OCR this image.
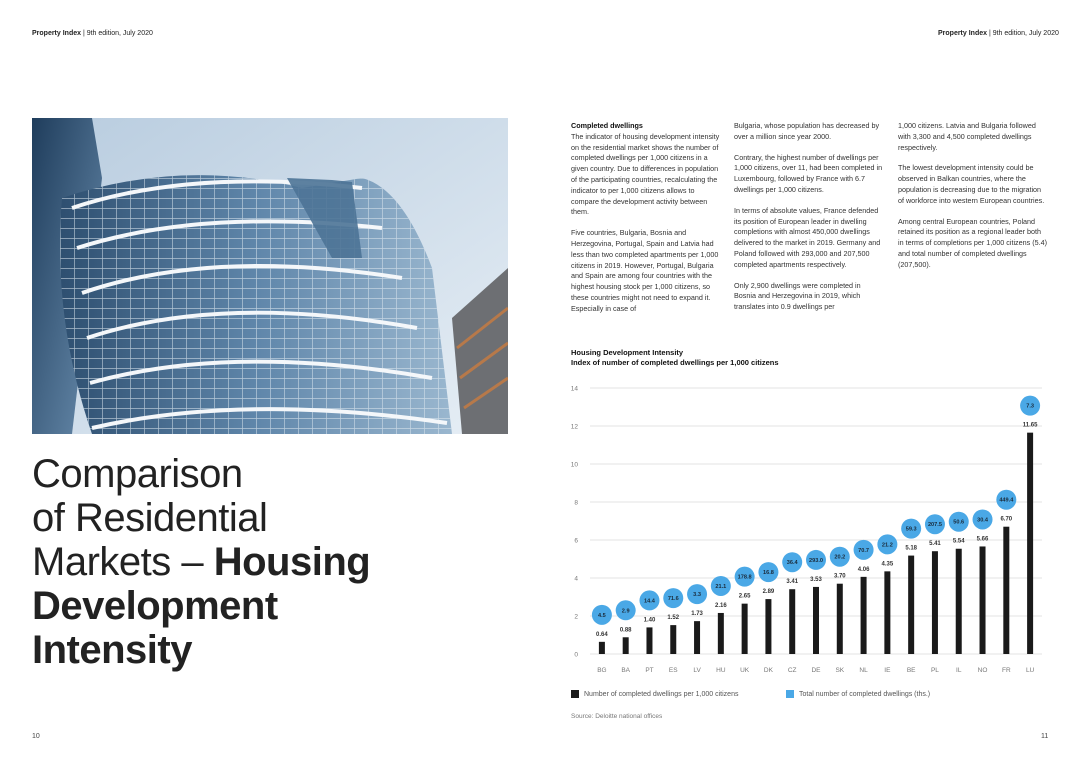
Property Index | 9th edition, July 2020	Property Index | 9th edition, July 2020
Comparison
of Residential
Markets – Housing
Development
Intensity
Completed dwellings

The indicator of housing development intensity on the residential market shows the number of completed dwellings per 1,000 citizens in a given country. Due to differences in population of the participating countries, recalculating the indicator to per 1,000 citizens allows to compare the development activity between them.

Five countries, Bulgaria, Bosnia and Herzegovina, Portugal, Spain and Latvia had less than two completed apartments per 1,000 citizens in 2019. However, Portugal, Bulgaria and Spain are among four countries with the highest housing stock per 1,000 citizens, so these countries might not need to expand it. Especially in case of

Bulgaria, whose population has decreased by over a million since year 2000.

Contrary, the highest number of dwellings per 1,000 citizens, over 11, had been completed in Luxembourg, followed by France with 6.7 dwellings per 1,000 citizens.

In terms of absolute values, France defended its position of European leader in dwelling completions with almost 450,000 dwellings delivered to the market in 2019. Germany and Poland followed with 293,000 and 207,500 completed apartments respectively.

Only 2,900 dwellings were completed in Bosnia and Herzegovina in 2019, which translates into 0.9 dwellings per

1,000 citizens. Latvia and Bulgaria followed with 3,300 and 4,500 completed dwellings respectively.

The lowest development intensity could be observed in Balkan countries, where the population is decreasing due to the migration of workforce into western European countries.

Among central European countries, Poland retained its position as a regional leader both in terms of completions per 1,000 citizens (5.4) and total number of completed dwellings (207,500).

Housing Development Intensity
Index of number of completed dwellings per 1,000 citizens
0
2
4
6
8
10
12
14
0.64
4.5
BG
0.88
2.9
BA
1.40
14.4
PT
1.52
71.6
ES
1.73
3.3
LV
2.16
21.1
HU
2.65
178.8
UK
2.89
16.8
DK
3.41
36.4
CZ
3.53
293.0
DE
3.70
20.2
SK
4.06
70.7
NL
4.35
21.2
IE
5.18
59.3
BE
5.41
207.5
PL
5.54
50.6
IL
5.66
30.4
NO
6.70
449.4
FR
11.65
7.3
LU
Number of completed dwellings per 1,000 citizens	Total number of completed dwellings (ths.)
Source: Deloitte national offices
10	11
